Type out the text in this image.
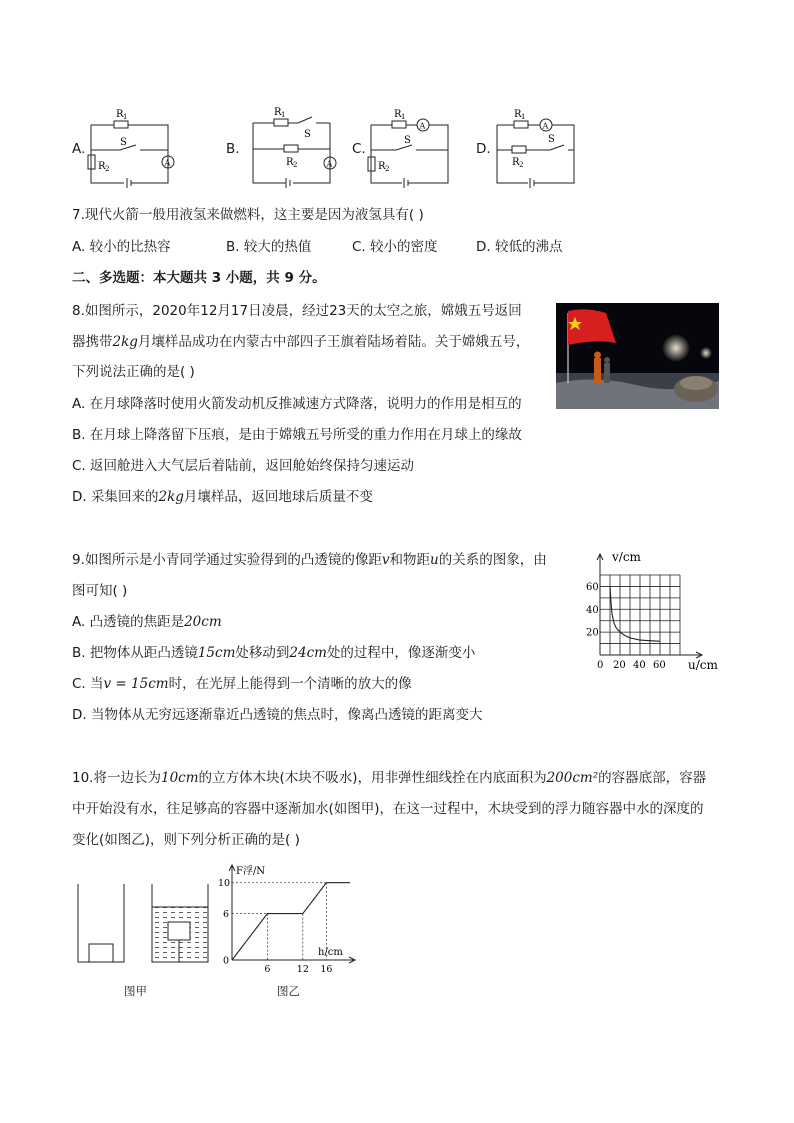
A.
R 1
S
R 2
A
B.
R 1
S
R 2	A
C.
R 1
A
S
R 2
D.
R 1
A
S
R 2
7.现代火箭一般用液氢来做燃料，这主要是因为液氢具有( )
A. 较小的比热容	B. 较大的热值	C. 较小的密度	D. 较低的沸点
二、多选题：本大题共 3 小题，共 9 分。
8.如图所示，2020年12月17日凌晨，经过23天的太空之旅，嫦娥五号返回
器携带2kg月壤样品成功在内蒙古中部四子王旗着陆场着陆。关于嫦娥五号，
下列说法正确的是( )
A. 在月球降落时使用火箭发动机反推减速方式降落，说明力的作用是相互的
B. 在月球上降落留下压痕，是由于嫦娥五号所受的重力作用在月球上的缘故
C. 返回舱进入大气层后着陆前，返回舱始终保持匀速运动
D. 采集回来的2kg月壤样品，返回地球后质量不变
9.如图所示是小青同学通过实验得到的凸透镜的像距v和物距u的关系的图象，由
图可知( )
A. 凸透镜的焦距是20cm
B. 把物体从距凸透镜15cm处移动到24cm处的过程中，像逐渐变小
C. 当v = 15cm时，在光屏上能得到一个清晰的放大的像
D. 当物体从无穷远逐渐靠近凸透镜的焦点时，像离凸透镜的距离变大
0 20 40 60
20
40
60
v/cm
u/cm
10.将一边长为10cm的立方体木块(木块不吸水)，用非弹性细线拴在内底面积为200cm²的容器底部，容器
中开始没有水，往足够高的容器中逐渐加水(如图甲)，在这一过程中，木块受到的浮力随容器中水的深度的
变化(如图乙)，则下列分析正确的是( )
图甲
6	12 16
0
6
10
F浮/N
h/cm
图乙
